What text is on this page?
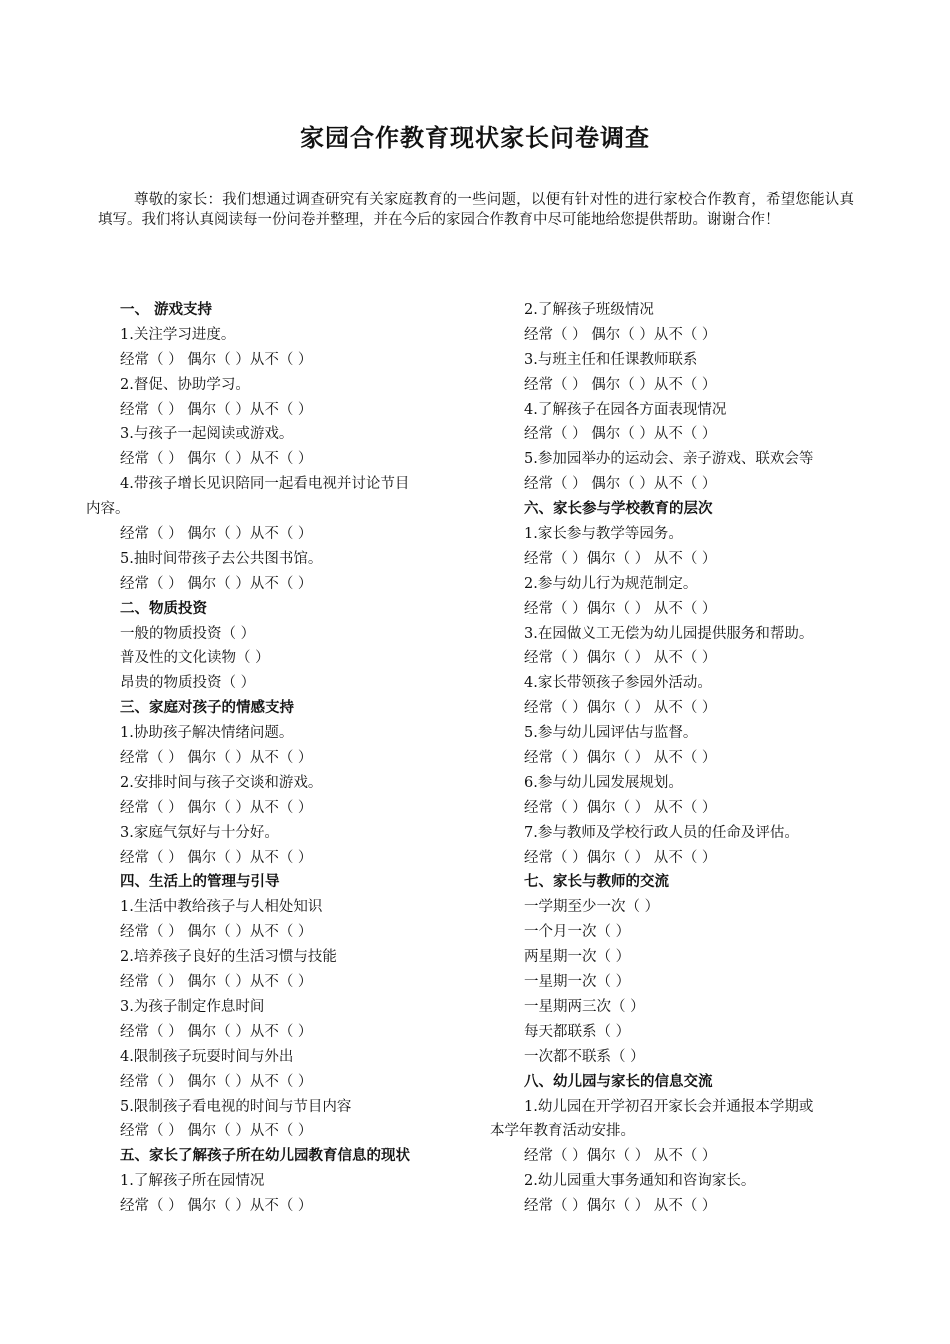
家园合作教育现状家长问卷调查
尊敬的家长：我们想通过调查研究有关家庭教育的一些问题，以便有针对性的进行家校合作教育，希望您能认真填写。我们将认真阅读每一份问卷并整理，并在今后的家园合作教育中尽可能地给您提供帮助。谢谢合作！
一、 游戏支持
1.关注学习进度。
经常（ ） 偶尔（ ）从不（ ）
2.督促、协助学习。
经常（ ） 偶尔（ ）从不（ ）
3.与孩子一起阅读或游戏。
经常（ ） 偶尔（ ）从不（ ）
4.带孩子增长见识陪同一起看电视并讨论节目
内容。
经常（ ） 偶尔（ ）从不（ ）
5.抽时间带孩子去公共图书馆。
经常（ ） 偶尔（ ）从不（ ）
二、物质投资
一般的物质投资（ ）
普及性的文化读物（ ）
昂贵的物质投资（ ）
三、家庭对孩子的情感支持
1.协助孩子解决情绪问题。
经常（ ） 偶尔（ ）从不（ ）
2.安排时间与孩子交谈和游戏。
经常（ ） 偶尔（ ）从不（ ）
3.家庭气氛好与十分好。
经常（ ） 偶尔（ ）从不（ ）
四、生活上的管理与引导
1.生活中教给孩子与人相处知识
经常（ ） 偶尔（ ）从不（ ）
2.培养孩子良好的生活习惯与技能
经常（ ） 偶尔（ ）从不（ ）
3.为孩子制定作息时间
经常（ ） 偶尔（ ）从不（ ）
4.限制孩子玩耍时间与外出
经常（ ） 偶尔（ ）从不（ ）
5.限制孩子看电视的时间与节目内容
经常（ ） 偶尔（ ）从不（ ）
五、家长了解孩子所在幼儿园教育信息的现状
1.了解孩子所在园情况
经常（ ） 偶尔（ ）从不（ ）
2.了解孩子班级情况
经常（ ） 偶尔（ ）从不（ ）
3.与班主任和任课教师联系
经常（ ） 偶尔（ ）从不（ ）
4.了解孩子在园各方面表现情况
经常（ ） 偶尔（ ）从不（ ）
5.参加园举办的运动会、亲子游戏、联欢会等
经常（ ） 偶尔（ ）从不（ ）
六、家长参与学校教育的层次
1.家长参与教学等园务。
经常（ ）偶尔（ ） 从不（ ）
2.参与幼儿行为规范制定。
经常（ ）偶尔（ ） 从不（ ）
3.在园做义工无偿为幼儿园提供服务和帮助。
经常（ ）偶尔（ ） 从不（ ）
4.家长带领孩子参园外活动。
经常（ ）偶尔（ ） 从不（ ）
5.参与幼儿园评估与监督。
经常（ ）偶尔（ ） 从不（ ）
6.参与幼儿园发展规划。
经常（ ）偶尔（ ） 从不（ ）
7.参与教师及学校行政人员的任命及评估。
经常（ ）偶尔（ ） 从不（ ）
七、家长与教师的交流
一学期至少一次（ ）
一个月一次（ ）
两星期一次（ ）
一星期一次（ ）
一星期两三次（ ）
每天都联系（ ）
一次都不联系（ ）
八、幼儿园与家长的信息交流
1.幼儿园在开学初召开家长会并通报本学期或
本学年教育活动安排。
经常（ ）偶尔（ ） 从不（ ）
2.幼儿园重大事务通知和咨询家长。
经常（ ）偶尔（ ） 从不（ ）
